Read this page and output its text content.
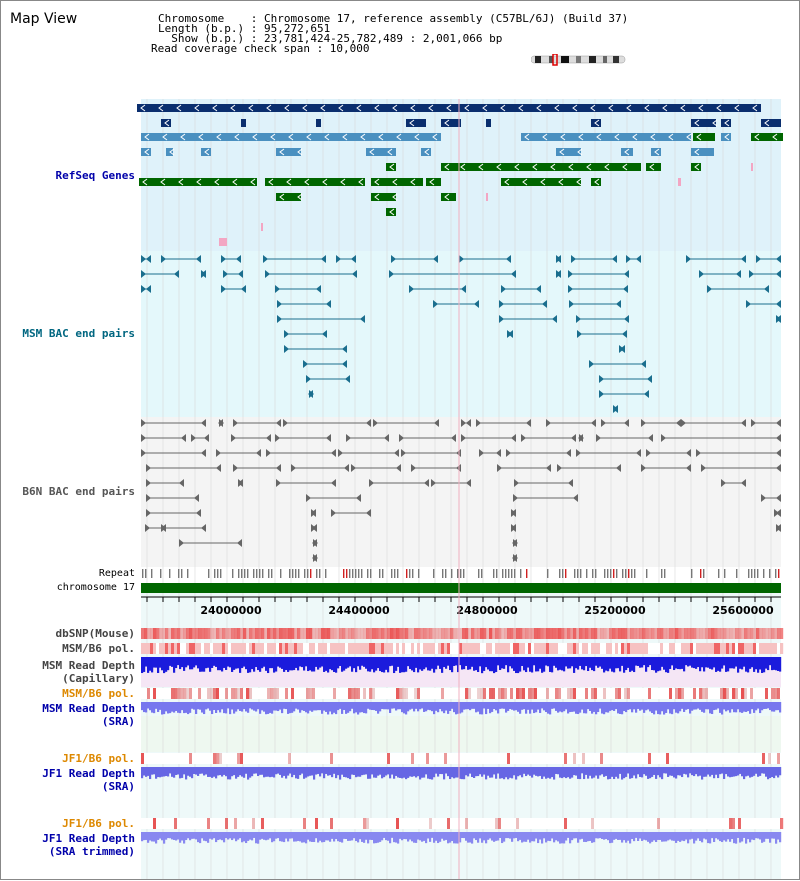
Map View	Chromosome    : Chromosome 17, reference assembly (C57BL/6J) (Build 37)
Length (b.p.) : 95,272,651
Show (b.p.) : 23,781,424-25,782,489 : 2,001,066 bp
Read coverage check span : 10,000
24000000	24400000	24800000	25200000	25600000
RefSeq Genes
MSM BAC end pairs
B6N BAC end pairs
Repeat
chromosome 17
dbSNP(Mouse)
MSM/B6 pol.
MSM Read Depth
(Capillary)
MSM/B6 pol.
MSM Read Depth
(SRA)
JF1/B6 pol.
JF1 Read Depth
(SRA)
JF1/B6 pol.
JF1 Read Depth
(SRA trimmed)
